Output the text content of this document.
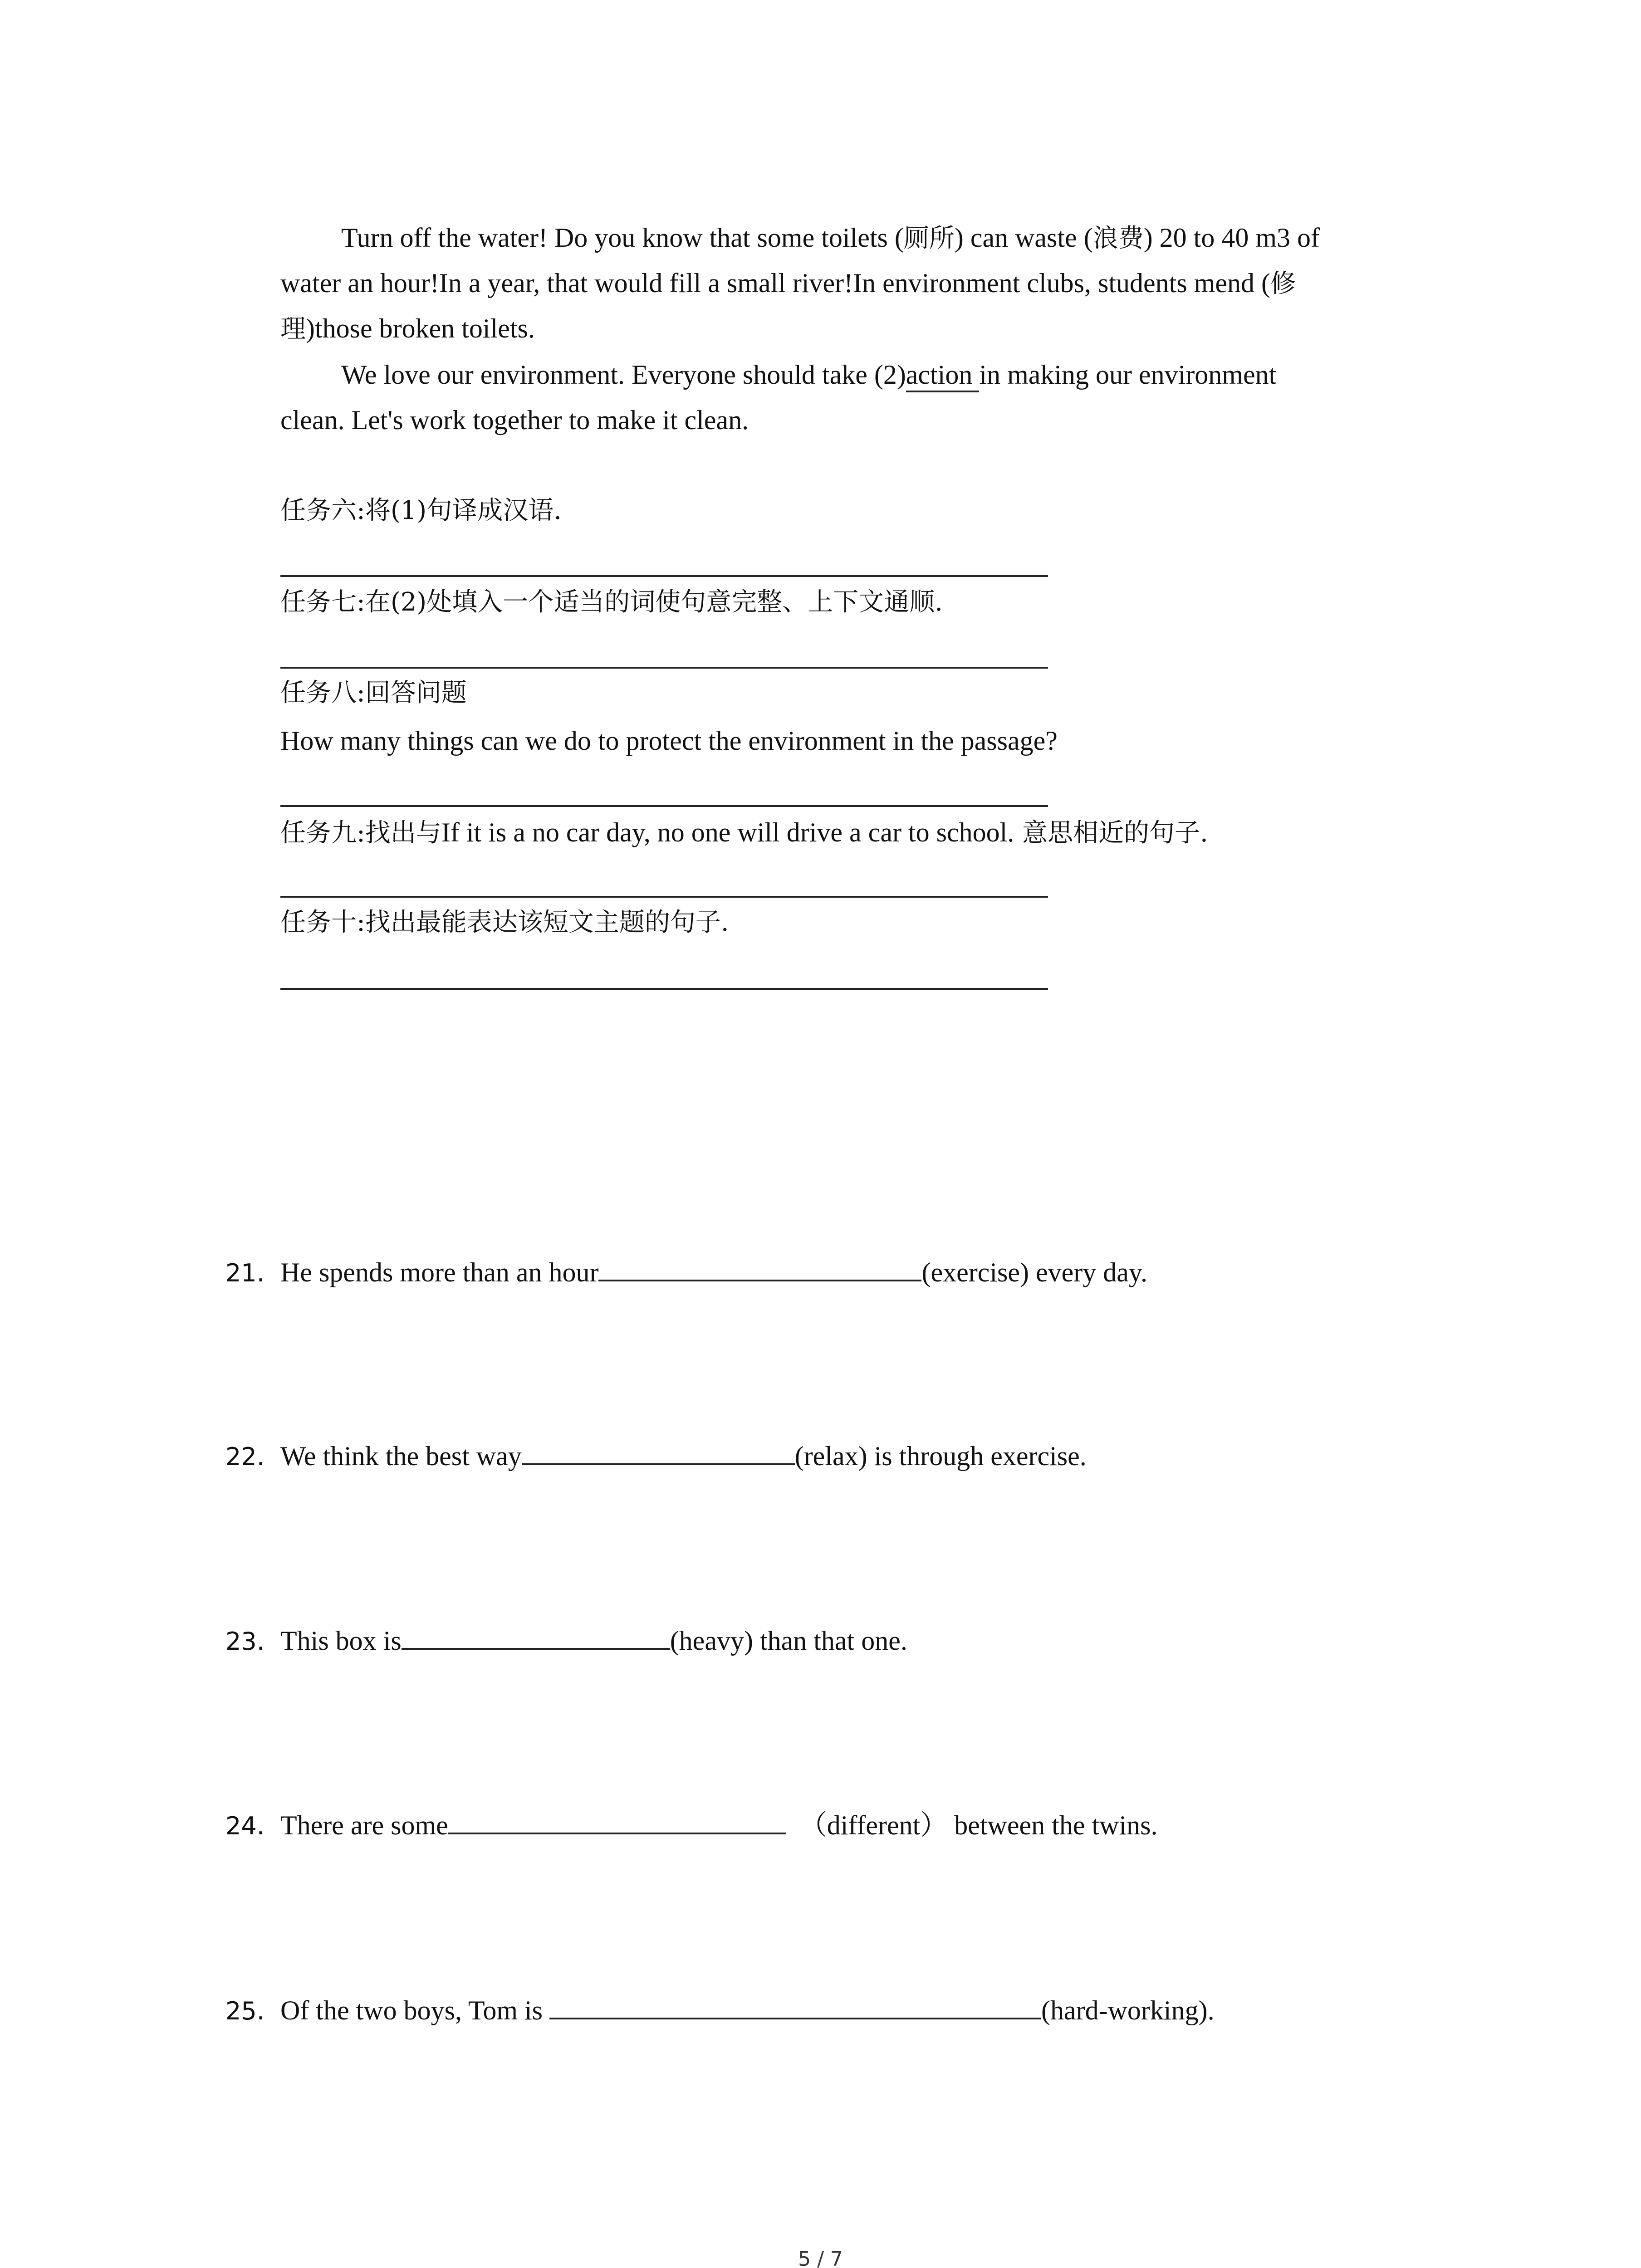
Turn off the water! Do you know that some toilets (厕所) can waste (浪费) 20 to 40 m3 of
water an hour!In a year, that would fill a small river!In environment clubs, students mend (修
理)those broken toilets.
We love our environment. Everyone should take (2)action in making our environment
clean. Let's work together to make it clean.
任务六:将(1)句译成汉语.
任务七:在(2)处填入一个适当的词使句意完整、上下文通顺.
任务八:回答问题
How many things can we do to protect the environment in the passage?
任务九:找出与If it is a no car day, no one will drive a car to school. 意思相近的句子.
任务十:找出最能表达该短文主题的句子.
21. He spends more than an hour	(exercise) every day.
22. We think the best way	(relax) is through exercise.
23. This box is	(heavy) than that one.
24. There are some	（different） between the twins.
25. Of the two boys, Tom is	(hard-working).
5 / 7
